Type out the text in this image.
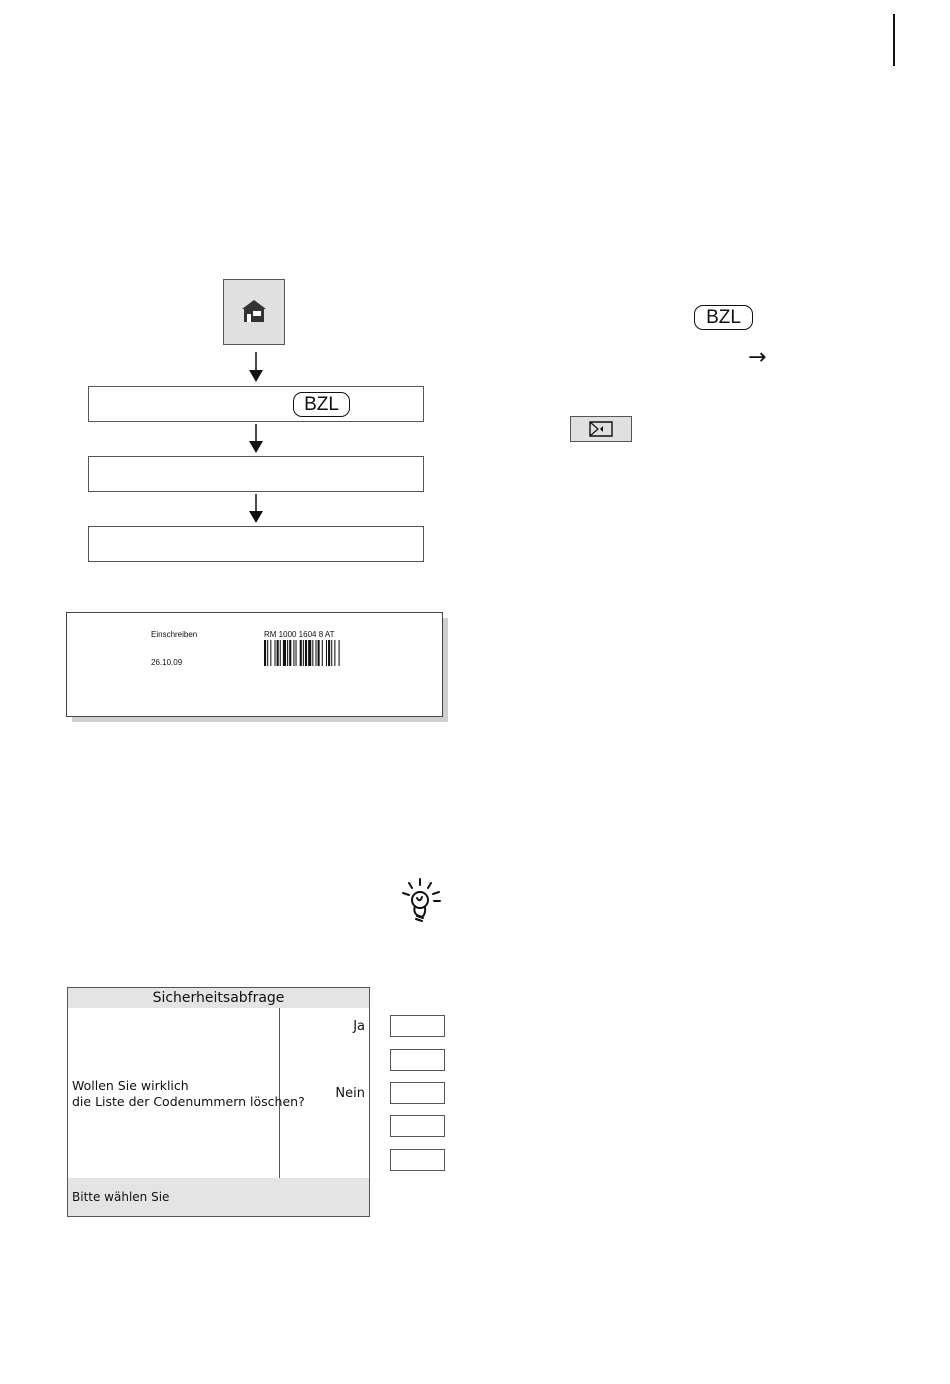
BZL
BZL
→
Einschreiben
26.10.09
RM 1000 1604 8 AT
Sicherheitsabfrage
Wollen Sie wirklich
die Liste der Codenummern löschen?
Ja
Nein
Bitte wählen Sie
